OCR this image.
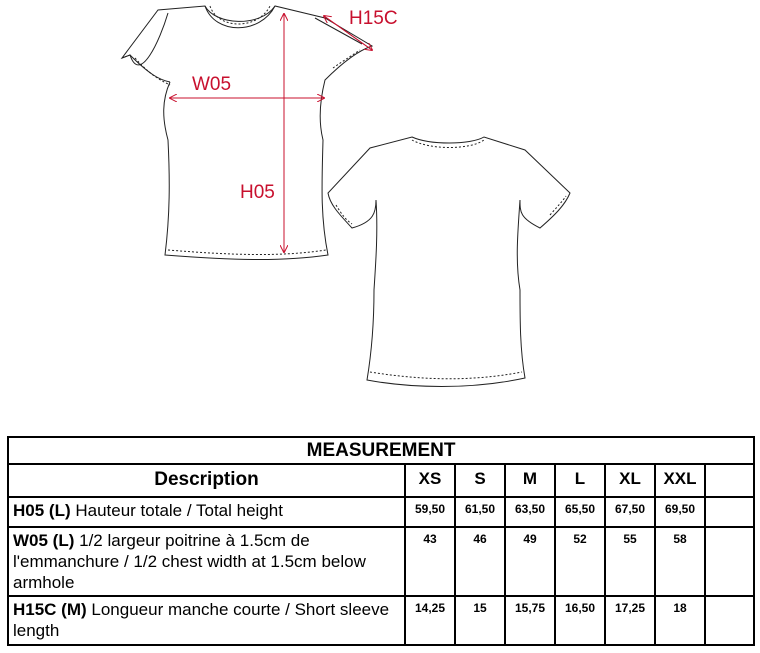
H05
W05
H15C
MEASUREMENT							
Description	XS	S	M	L	XL	XXL	
H05 (L) Hauteur totale / Total height	59,50	61,50	63,50	65,50	67,50	69,50	
W05 (L) 1/2 largeur poitrine à 1.5cm de l'emmanchure / 1/2 chest width at 1.5cm below armhole	43	46	49	52	55	58	
H15C (M) Longueur manche courte / Short sleeve length	14,25	15	15,75	16,50	17,25	18	
